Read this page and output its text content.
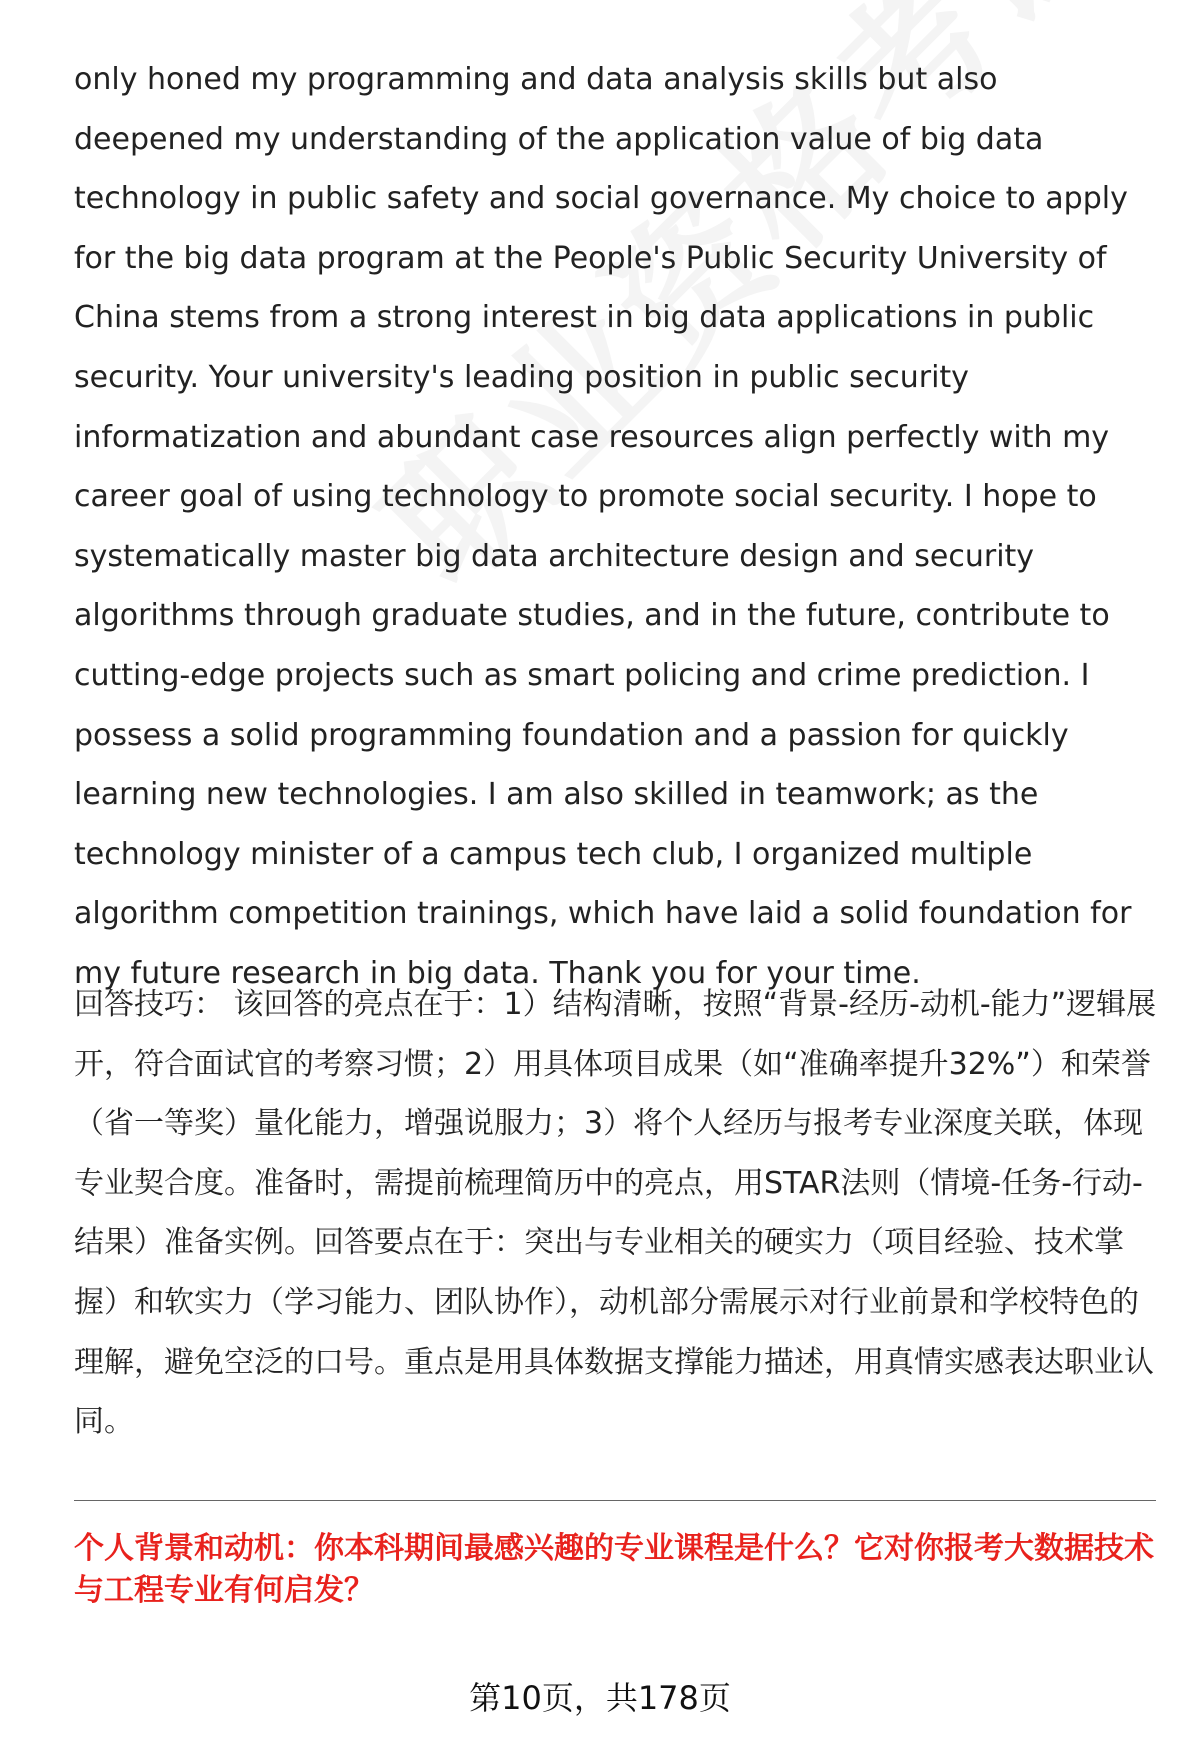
only honed my programming and data analysis skills but also deepened my understanding of the application value of big data technology in public safety and social governance. My choice to apply for the big data program at the People's Public Security University of China stems from a strong interest in big data applications in public security. Your university's leading position in public security informatization and abundant case resources align perfectly with my career goal of using technology to promote social security. I hope to systematically master big data architecture design and security algorithms through graduate studies, and in the future, contribute to cutting-edge projects such as smart policing and crime prediction. I possess a solid programming foundation and a passion for quickly learning new technologies. I am also skilled in teamwork; as the technology minister of a campus tech club, I organized multiple algorithm competition trainings, which have laid a solid foundation for my future research in big data. Thank you for your time.

回答技巧： 该回答的亮点在于：1）结构清晰，按照“背景-经历-动机-能力”逻辑展开，符合面试官的考察习惯；2）用具体项目成果（如“准确率提升32%”）和荣誉（省一等奖）量化能力，增强说服力；3）将个人经历与报考专业深度关联，体现专业契合度。准备时，需提前梳理简历中的亮点，用STAR法则（情境-任务-行动-结果）准备实例。回答要点在于：突出与专业相关的硬实力（项目经验、技术掌握）和软实力（学习能力、团队协作），动机部分需展示对行业前景和学校特色的理解，避免空泛的口号。重点是用具体数据支撑能力描述，用真情实感表达职业认同。

个人背景和动机：你本科期间最感兴趣的专业课程是什么？它对你报考大数据技术与工程专业有何启发？

第10页，共178页
